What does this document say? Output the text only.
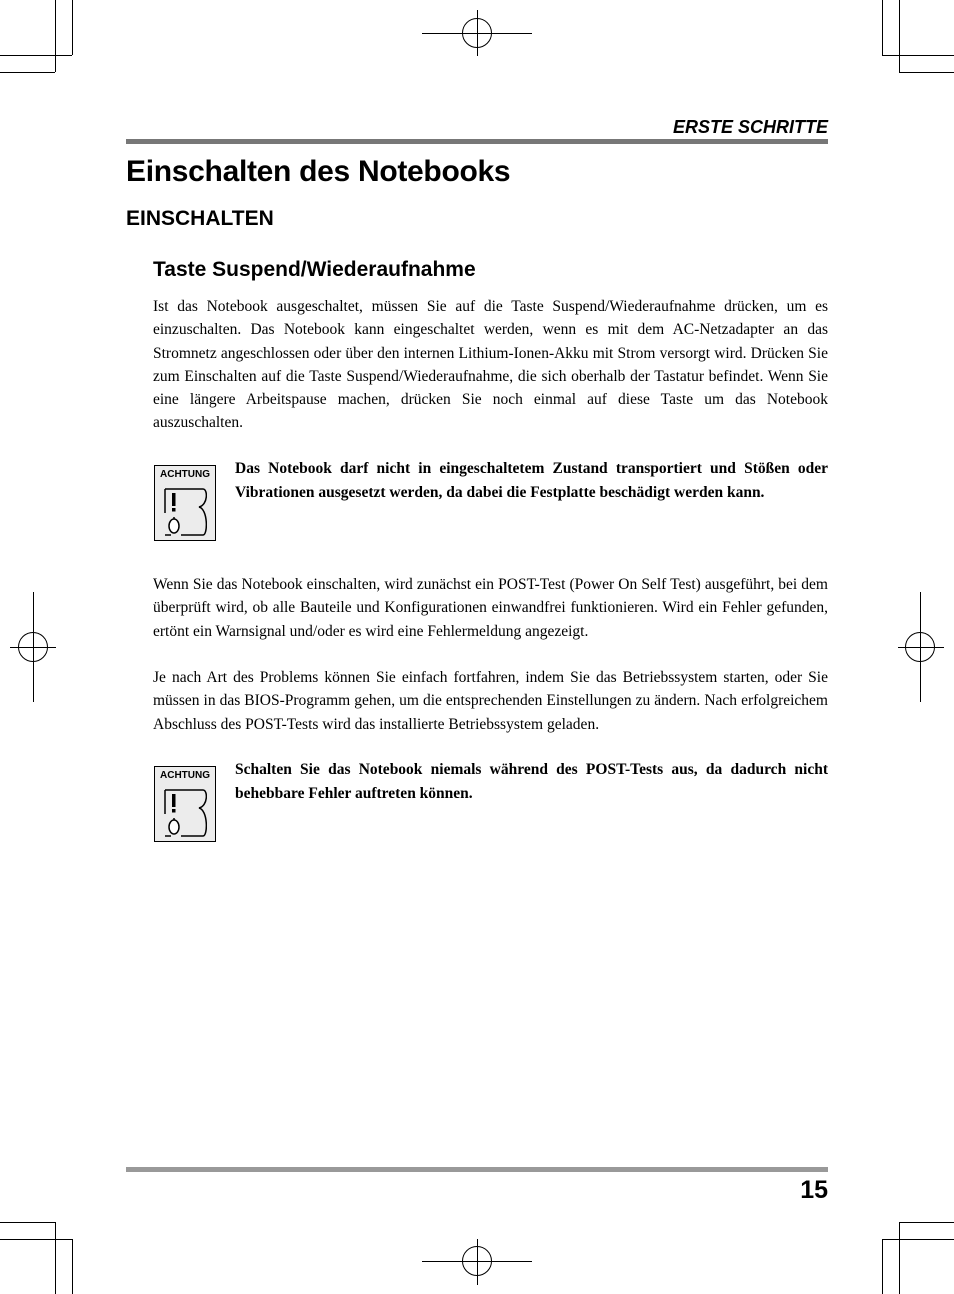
ERSTE SCHRITTE
Einschalten des Notebooks
EINSCHALTEN
Taste Suspend/Wiederaufnahme

Ist das Notebook ausgeschaltet, müssen Sie auf die Taste Suspend/Wiederaufnahme drücken, um es einzuschalten. Das Notebook kann eingeschaltet werden, wenn es mit dem AC-Netzadapter an das Stromnetz angeschlossen oder über den internen Lithium-Ionen-Akku mit Strom versorgt wird. Drücken Sie zum Einschalten auf die Taste Suspend/Wiederaufnahme, die sich oberhalb der Tastatur befindet. Wenn Sie eine längere Arbeitspause machen, drücken Sie noch einmal auf diese Taste um das Notebook auszuschalten.

ACHTUNG	Das Notebook darf nicht in eingeschaltetem Zustand transportiert und Stößen oder Vibrationen ausgesetzt werden, da dabei die Festplatte beschädigt werden kann.

Wenn Sie das Notebook einschalten, wird zunächst ein POST-Test (Power On Self Test) ausgeführt, bei dem überprüft wird, ob alle Bauteile und Konfigurationen einwandfrei funktionieren. Wird ein Fehler gefunden, ertönt ein Warnsignal und/oder es wird eine Fehlermeldung angezeigt.

Je nach Art des Problems können Sie einfach fortfahren, indem Sie das Betriebssystem starten, oder Sie müssen in das BIOS-Programm gehen, um die entsprechenden Einstellungen zu ändern. Nach erfolgreichem Abschluss des POST-Tests wird das installierte Betriebssystem geladen.

ACHTUNG	Schalten Sie das Notebook niemals während des POST-Tests aus, da dadurch nicht behebbare Fehler auftreten können.

15
